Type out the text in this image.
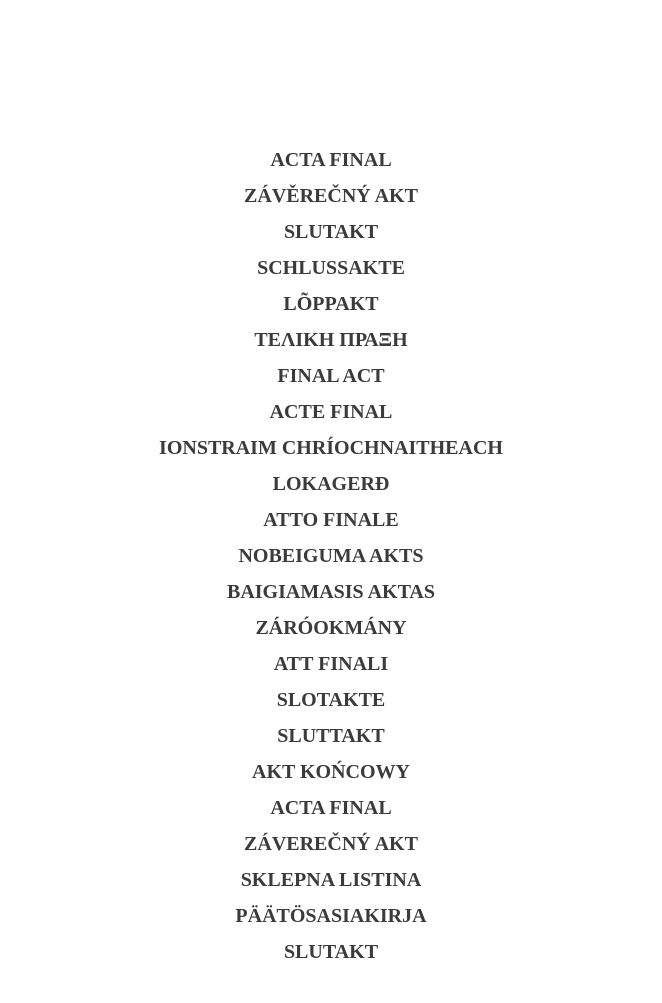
ACTA FINAL
ZÁVĚREČNÝ AKT
SLUTAKT
SCHLUSSAKTE
LÕPPAKT
ΤΕΛΙΚΗ ΠΡΑΞΗ
FINAL ACT
ACTE FINAL
IONSTRAIM CHRÍOCHNAITHEACH
LOKAGERÐ
ATTO FINALE
NOBEIGUMA AKTS
BAIGIAMASIS AKTAS
ZÁRÓOKMÁNY
ATT FINALI
SLOTAKTE
SLUTTAKT
AKT KOŃCOWY
ACTA FINAL
ZÁVEREČNÝ AKT
SKLEPNA LISTINA
PÄÄTÖSASIAKIRJA
SLUTAKT
